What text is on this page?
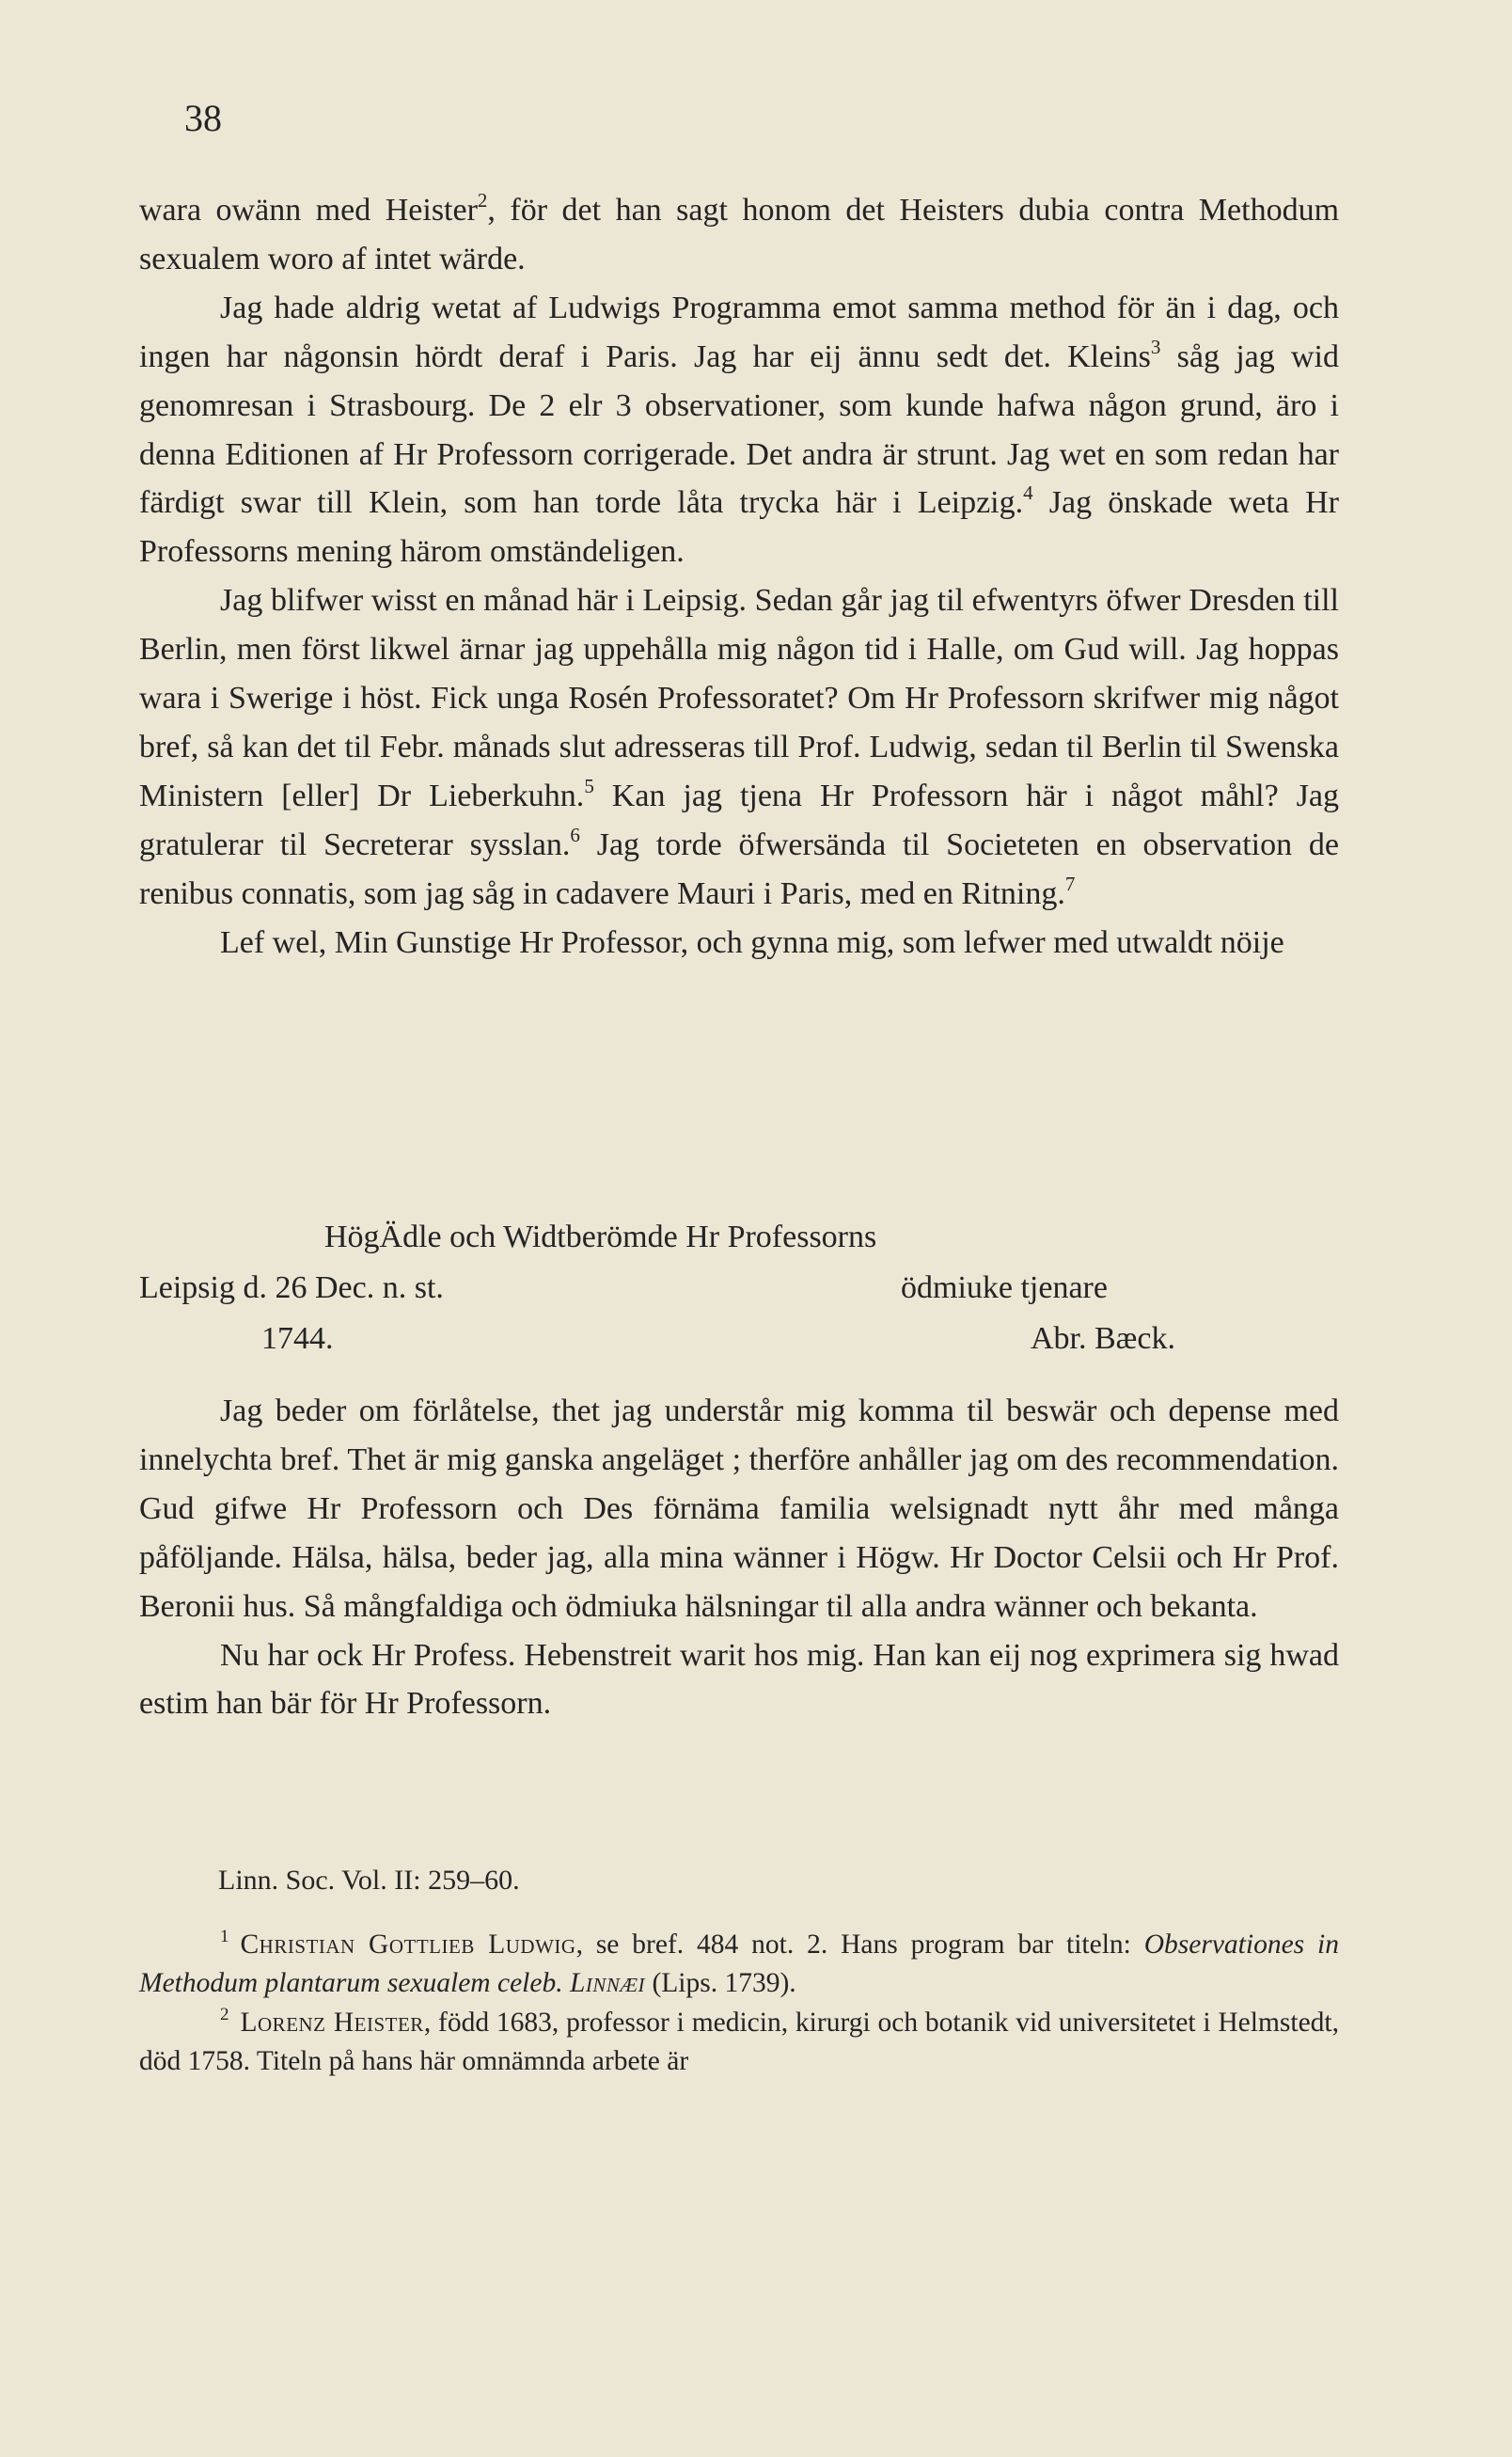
38

wara owänn med Heister$^2$, för det han sagt honom det Heisters dubia contra Methodum sexualem woro af intet wärde.

Jag hade aldrig wetat af Ludwigs Programma emot samma method för än i dag, och ingen har någonsin hördt deraf i Paris. Jag har eij ännu sedt det. Kleins$^3$ såg jag wid genomresan i Strasbourg. De 2 elr 3 observationer, som kunde hafwa någon grund, äro i denna Editionen af Hr Professorn corrigerade. Det andra är strunt. Jag wet en som redan har färdigt swar till Klein, som han torde låta trycka här i Leipzig.$^4$ Jag önskade weta Hr Professorns mening härom omständeligen.

Jag blifwer wisst en månad här i Leipsig. Sedan går jag til efwentyrs öfwer Dresden till Berlin, men först likwel ärnar jag uppehålla mig någon tid i Halle, om Gud will. Jag hoppas wara i Swerige i höst. Fick unga Rosén Professoratet? Om Hr Professorn skrifwer mig något bref, så kan det til Febr. månads slut adresseras till Prof. Ludwig, sedan til Berlin til Swenska Ministern [eller] Dr Lieberkuhn.$^5$ Kan jag tjena Hr Professorn här i något måhl? Jag gratulerar til Secreterar sysslan.$^6$ Jag torde öfwersända til Societeten en observation de renibus connatis, som jag såg in cadavere Mauri i Paris, med en Ritning.$^7$

Lef wel, Min Gunstige Hr Professor, och gynna mig, som lefwer med utwaldt nöije

HögÄdle och Widtberömde Hr Professorns
Leipsig d. 26 Dec. n. st.	ödmiuke tjenare
1744.	Abr. Bæck.

Jag beder om förlåtelse, thet jag understår mig komma til beswär och depense med innelychta bref. Thet är mig ganska angeläget ; therföre anhåller jag om des recommendation. Gud gifwe Hr Professorn och Des förnäma familia welsignadt nytt åhr med många påföljande. Hälsa, hälsa, beder jag, alla mina wänner i Högw. Hr Doctor Celsii och Hr Prof. Beronii hus. Så mångfaldiga och ödmiuka hälsningar til alla andra wänner och bekanta.

Nu har ock Hr Profess. Hebenstreit warit hos mig. Han kan eij nog exprimera sig hwad estim han bär för Hr Professorn.

Linn. Soc. Vol. II: 259–60.

$^1$ Christian Gottlieb Ludwig, se bref. 484 not. 2. Hans program bar titeln: Observationes in Methodum plantarum sexualem celeb. Linnæi (Lips. 1739).

$^2$ Lorenz Heister, född 1683, professor i medicin, kirurgi och botanik vid universitetet i Helmstedt, död 1758. Titeln på hans här omnämnda arbete är
